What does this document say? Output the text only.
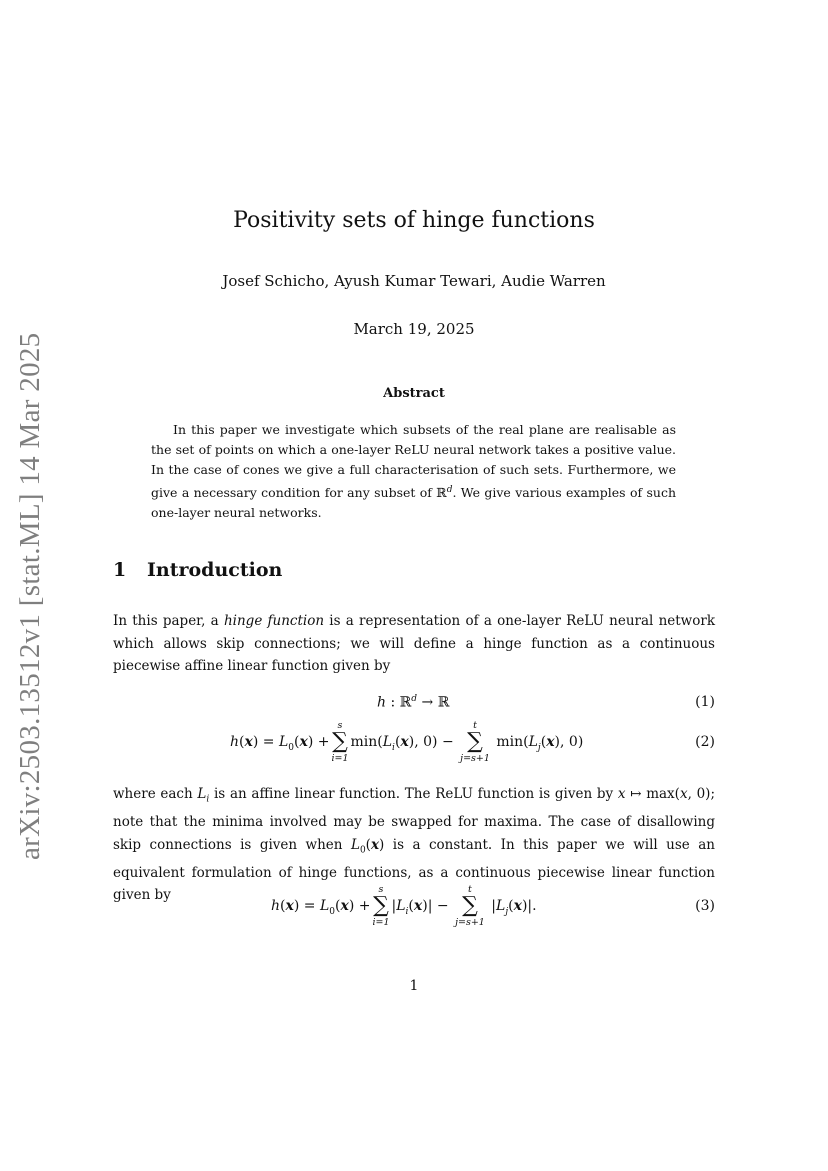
arXiv:2503.13512v1 [stat.ML] 14 Mar 2025
Positivity sets of hinge functions
Josef Schicho, Ayush Kumar Tewari, Audie Warren
March 19, 2025
Abstract

In this paper we investigate which subsets of the real plane are realisable as the set of points on which a one-layer ReLU neural network takes a positive value. In the case of cones we give a full characterisation of such sets. Furthermore, we give a necessary condition for any subset of ℝ$^d$. We give various examples of such one-layer neural networks.

1 Introduction

In this paper, a hinge function is a representation of a one-layer ReLU neural network which allows skip connections; we will define a hinge function as a continuous piecewise affine linear function given by

h : ℝ$^d$ → ℝ	(1)
$h(x) = L_0(x)$ +
s
∑
i=1
$\min(L_i(x)$, 0) −
t
∑
j=s+1
$\min(L_j(x)$, 0)	(2)

where each $L_i$ is an affine linear function. The ReLU function is given by x ↦ max(x, 0); note that the minima involved may be swapped for maxima. The case of disallowing skip connections is given when $L_0(x)$ is a constant. In this paper we will use an equivalent formulation of hinge functions, as a continuous piecewise linear function given by

$h(x) = L_0(x)$ +
s
∑
i=1
$|L_i(x)|$ −
t
∑
j=s+1
$|L_j(x)|$.	(3)
1
